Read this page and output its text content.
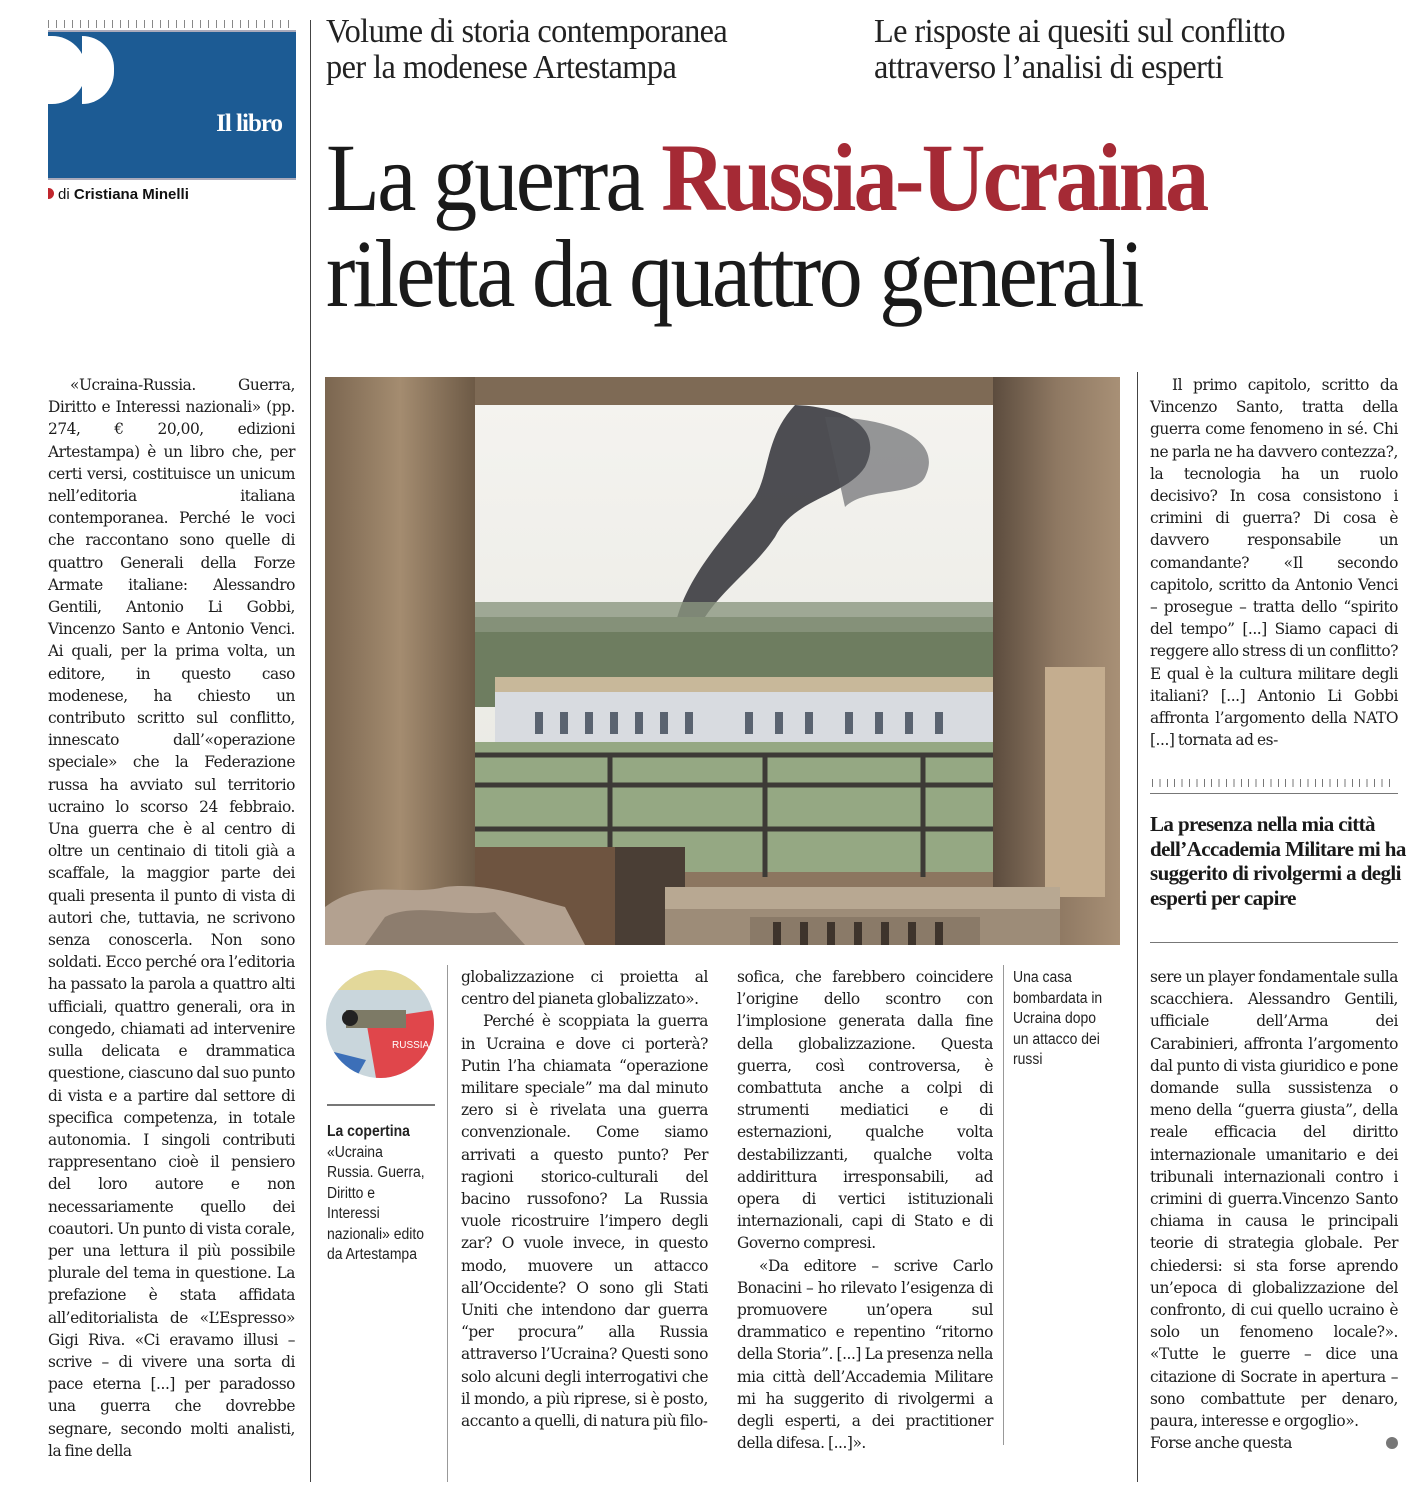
Il libro
di Cristiana Minelli
Volume di storia contemporanea
per la modenese Artestampa
Le risposte ai quesiti sul conflitto
attraverso l’analisi di esperti
La guerra Russia-Ucraina
riletta da quattro generali

«Ucraina-Russia. Guerra, Diritto e Interessi nazionali» (pp. 274, € 20,00, edizioni Artestampa) è un libro che, per certi versi, costituisce un unicum nell’editoria italiana contemporanea. Perché le voci che raccontano sono quelle di quattro Generali della Forze Armate italiane: Alessandro Gentili, Antonio Li Gobbi, Vincenzo Santo e Antonio Venci. Ai quali, per la prima volta, un editore, in questo caso modenese, ha chiesto un contributo scritto sul conflitto, innescato dall’«operazione speciale» che la Federazione russa ha avviato sul territorio ucraino lo scorso 24 febbraio. Una guerra che è al centro di oltre un centinaio di titoli già a scaffale, la maggior parte dei quali presenta il punto di vista di autori che, tuttavia, ne scrivono senza conoscerla. Non sono soldati. Ecco perché ora l’editoria ha passato la parola a quattro alti ufficiali, quattro generali, ora in congedo, chiamati ad intervenire sulla delicata e drammatica questione, ciascuno dal suo punto di vista e a partire dal settore di specifica competenza, in totale autonomia. I singoli contributi rappresentano cioè il pensiero del loro autore e non necessariamente quello dei coautori. Un punto di vista corale, per una lettura il più possibile plurale del tema in questione. La prefazione è stata affidata all’editorialista de «L’Espresso» Gigi Riva. «Ci eravamo illusi – scrive – di vivere una sorta di pace eterna [...] per paradosso una guerra che dovrebbe segnare, secondo molti analisti, la fine della

RUSSIA
La copertina
«Ucraina Russia. Guerra, Diritto e Interessi nazionali» edito da Artestampa

globalizzazione ci proietta al centro del pianeta globalizzato».

Perché è scoppiata la guerra in Ucraina e dove ci porterà? Putin l’ha chiamata “operazione militare speciale” ma dal minuto zero si è rivelata una guerra convenzionale. Come siamo arrivati a questo punto? Per ragioni storico-culturali del bacino russofono? La Russia vuole ricostruire l’impero degli zar? O vuole invece, in questo modo, muovere un attacco all’Occidente? O sono gli Stati Uniti che intendono dar guerra “per procura” alla Russia attraverso l’Ucraina? Questi sono solo alcuni degli interrogativi che il mondo, a più riprese, si è posto, accanto a quelli, di natura più filo-

sofica, che farebbero coincidere l’origine dello scontro con l’implosione generata dalla fine della globalizzazione. Questa guerra, così controversa, è combattuta anche a colpi di strumenti mediatici e di esternazioni, qualche volta destabilizzanti, qualche volta addirittura irresponsabili, ad opera di vertici istituzionali internazionali, capi di Stato e di Governo compresi.

«Da editore – scrive Carlo Bonacini – ho rilevato l’esigenza di promuovere un’opera sul drammatico e repentino “ritorno della Storia”. [...] La presenza nella mia città dell’Accademia Militare mi ha suggerito di rivolgermi a degli esperti, a dei practitioner della difesa. [...]».

Una casa bombardata in Ucraina dopo un attacco dei russi

Il primo capitolo, scritto da Vincenzo Santo, tratta della guerra come fenomeno in sé. Chi ne parla ne ha davvero contezza?, la tecnologia ha un ruolo decisivo? In cosa consistono i crimini di guerra? Di cosa è davvero responsabile un comandante? «Il secondo capitolo, scritto da Antonio Venci – prosegue – tratta dello “spirito del tempo” [...] Siamo capaci di reggere allo stress di un conflitto? E qual è la cultura militare degli italiani? [...] Antonio Li Gobbi affronta l’argomento della NATO [...] tornata ad es-

La presenza nella mia città dell’Accademia Militare mi ha suggerito di rivolgermi a degli esperti per capire

sere un player fondamentale sulla scacchiera. Alessandro Gentili, ufficiale dell’Arma dei Carabinieri, affronta l’argomento dal punto di vista giuridico e pone domande sulla sussistenza o meno della “guerra giusta”, della reale efficacia del diritto internazionale umanitario e dei tribunali internazionali contro i crimini di guerra.Vincenzo Santo chiama in causa le principali teorie di strategia globale. Per chiedersi: si sta forse aprendo un’epoca di globalizzazione del confronto, di cui quello ucraino è solo un fenomeno locale?». «Tutte le guerre – dice una citazione di Socrate in apertura – sono combattute per denaro, paura, interesse e orgoglio».

Forse anche questa
